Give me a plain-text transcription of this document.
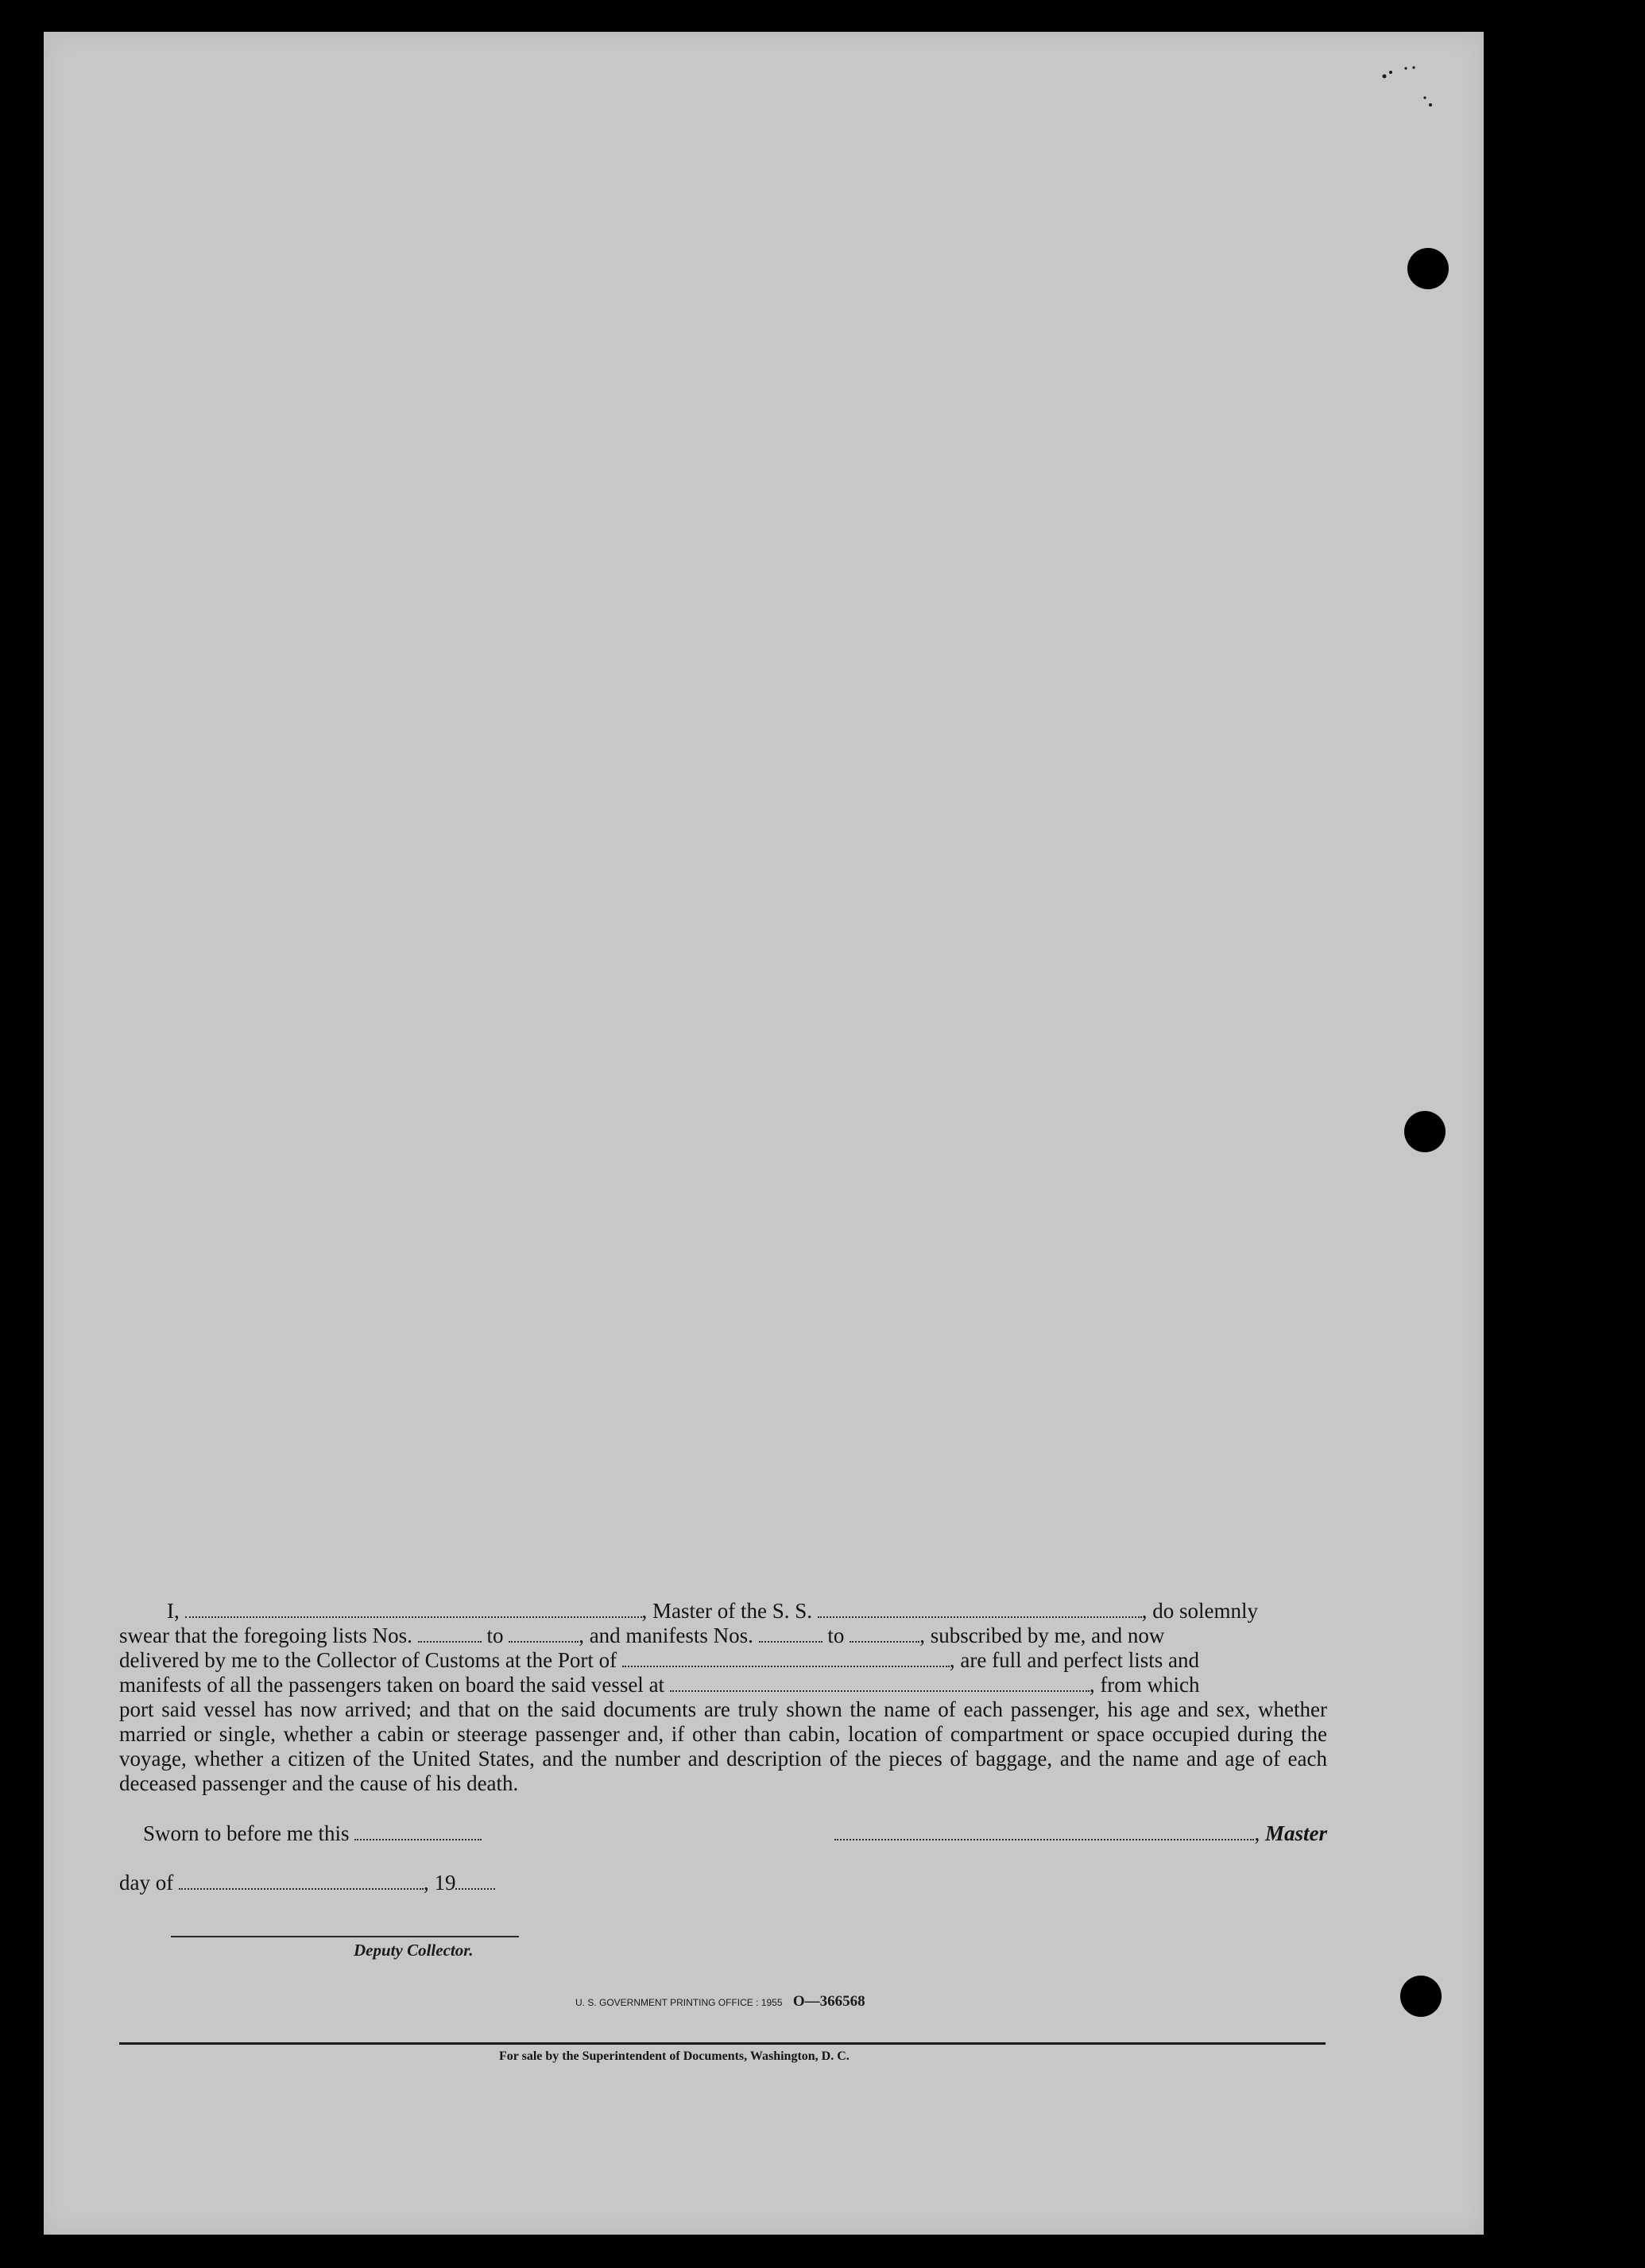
I,	, Master of the S. S.	, do solemnly

swear that the foregoing lists Nos.	to	, and manifests Nos.	to	, subscribed by me, and now
delivered by me to the Collector of Customs at the Port of	, are full and perfect lists and
manifests of all the passengers taken on board the said vessel at	, from which
port said vessel has now arrived; and that on the said documents are truly shown the name of each passenger, his age and sex, whether married or single, whether a cabin or steerage passenger and, if other than cabin, location of compartment or space occupied during the voyage, whether a citizen of the United States, and the number and description of the pieces of baggage, and the name and age of each deceased passenger and the cause of his death.
Sworn to before me this	, Master
day of	, 19
Deputy Collector.
U. S. GOVERNMENT PRINTING OFFICE : 1955 O—366568
For sale by the Superintendent of Documents, Washington, D. C.
